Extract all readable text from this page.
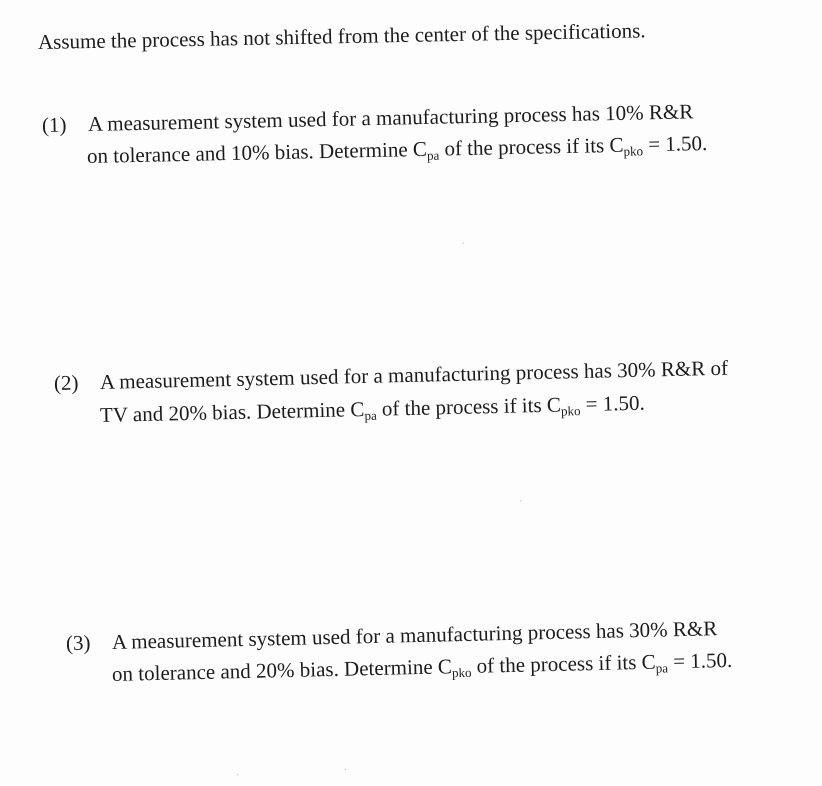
Assume the process has not shifted from the center of the specifications.
(1) A measurement system used for a manufacturing process has 10% R&R
on tolerance and 10% bias. Determine $C_{pa}$ of the process if its $C_{pko} = 1.50$.
(2) A measurement system used for a manufacturing process has 30% R&R of
TV and 20% bias. Determine $C_{pa}$ of the process if its $C_{pko} = 1.50$.
(3) A measurement system used for a manufacturing process has 30% R&R
on tolerance and 20% bias. Determine $C_{pko}$ of the process if its $C_{pa} = 1.50$.
